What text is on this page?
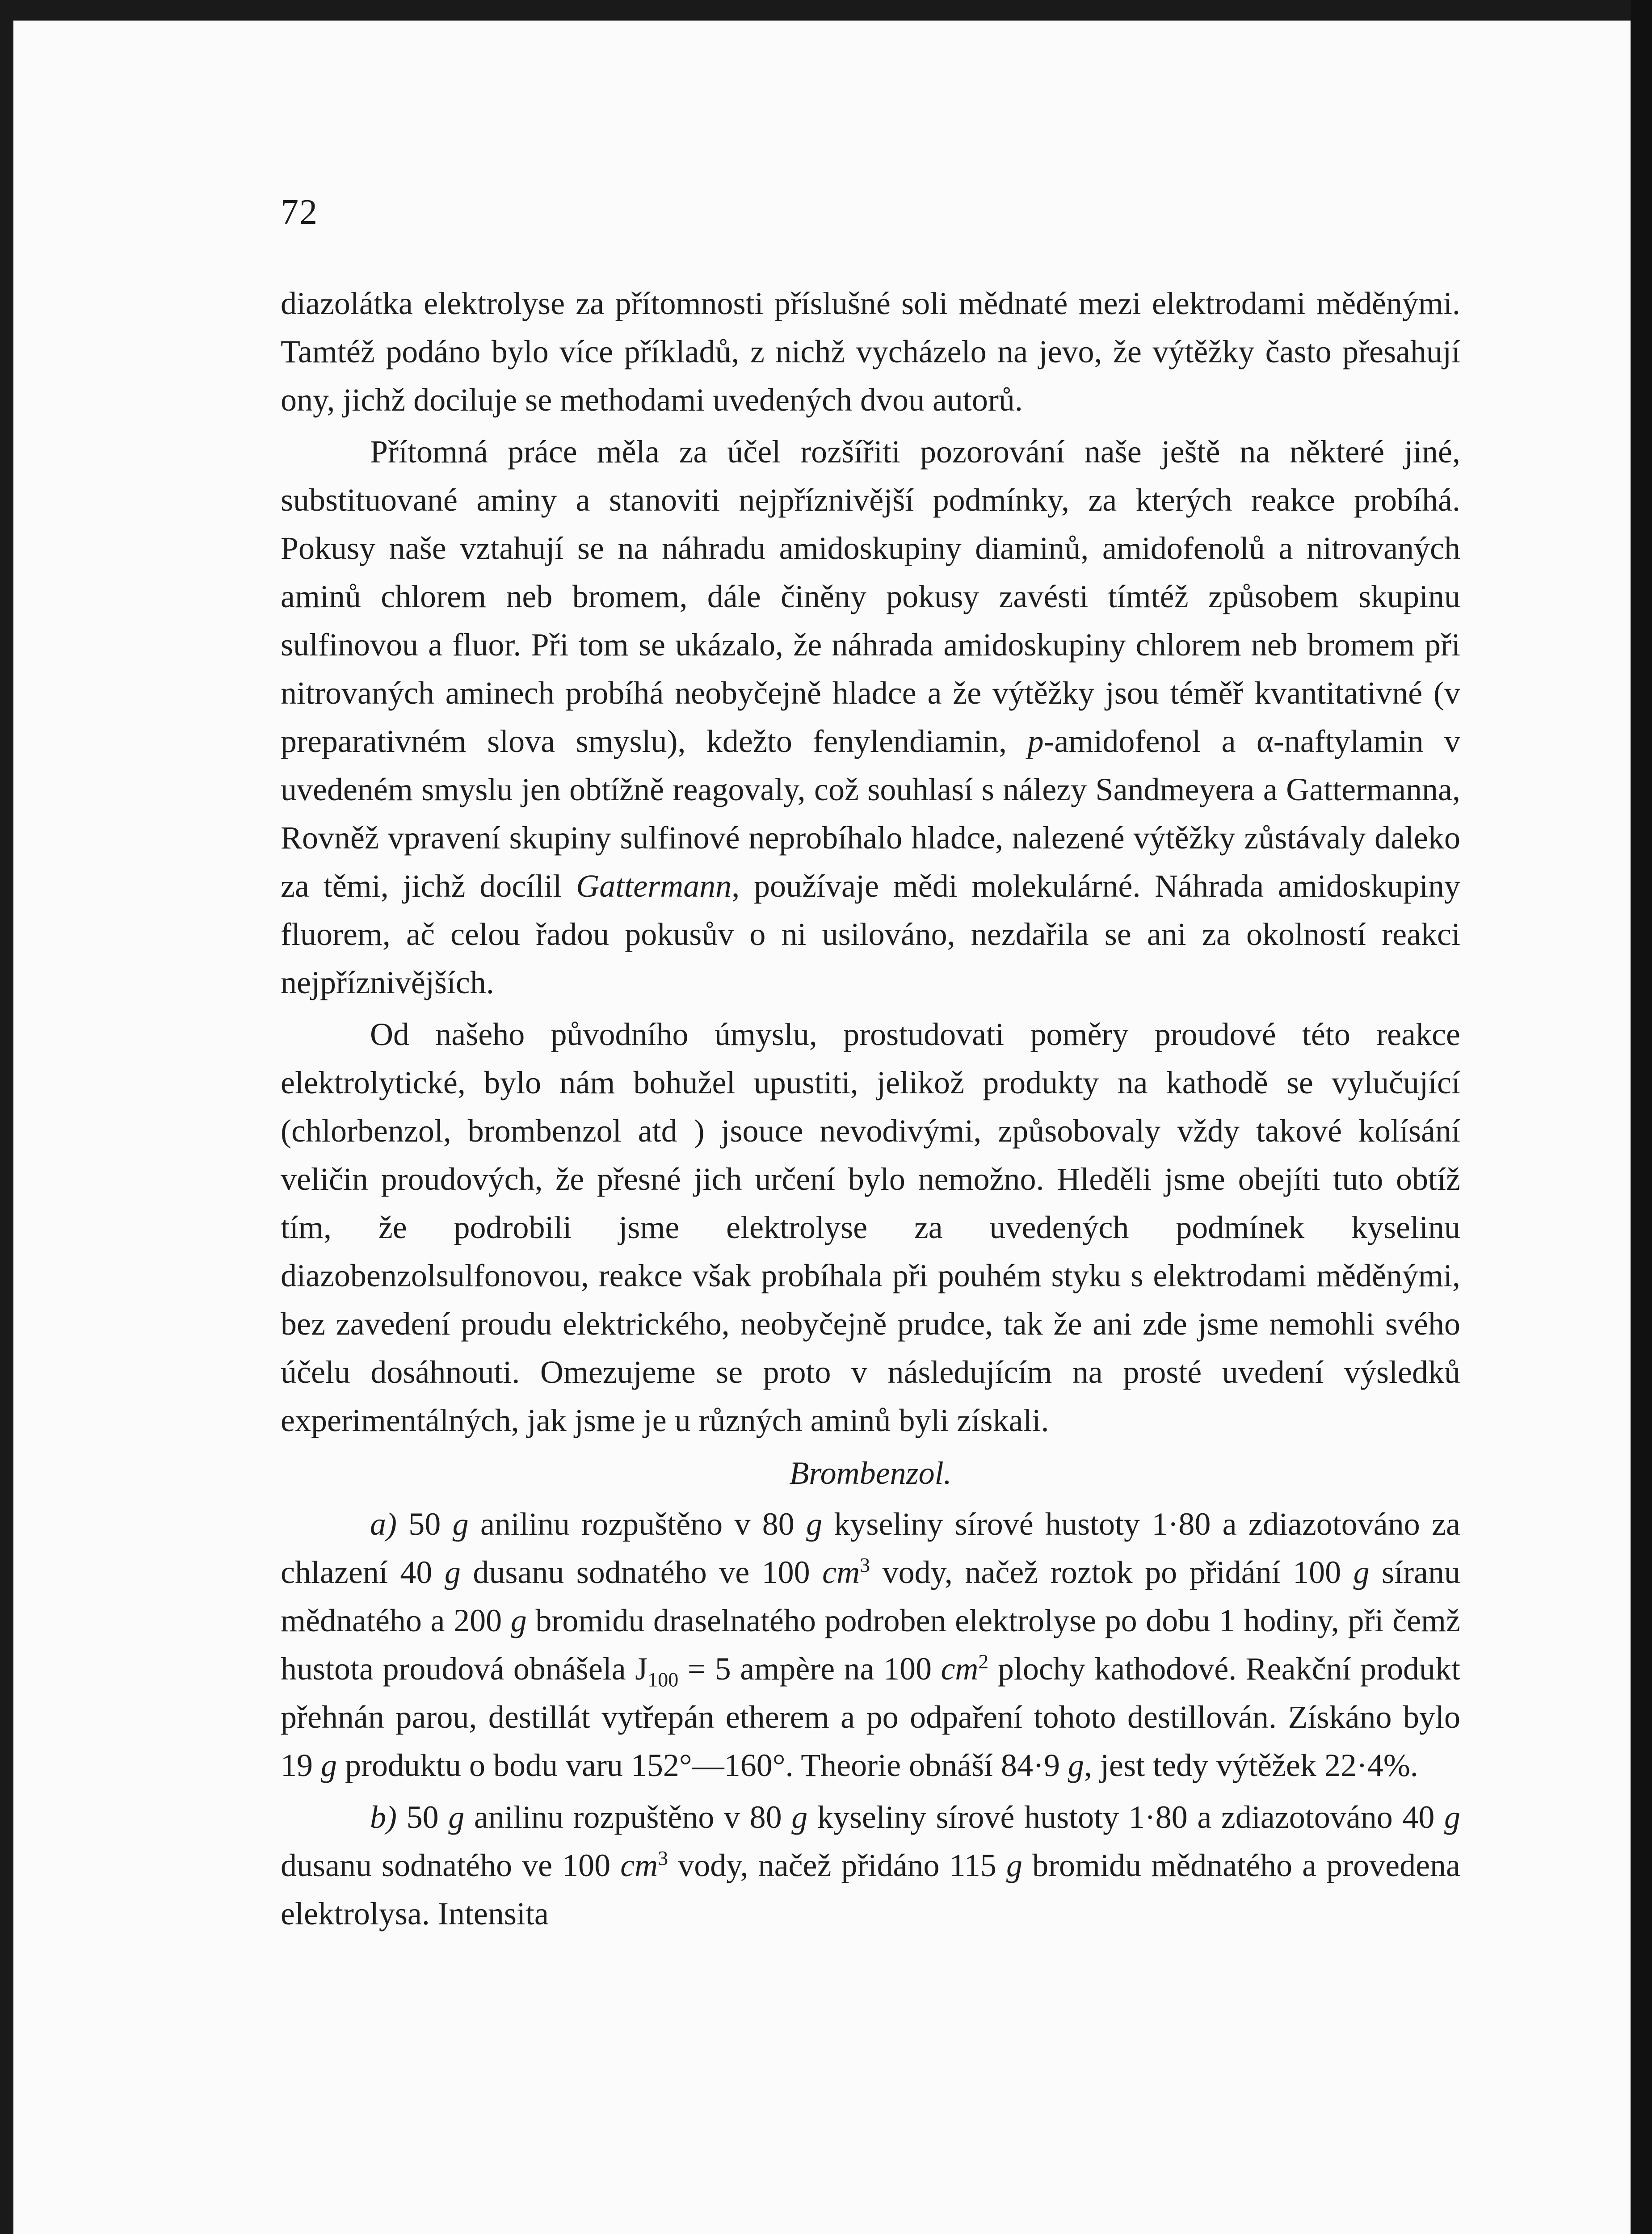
72

diazolátka elektrolyse za přítomnosti příslušné soli mědnaté mezi elektrodami měděnými. Tamtéž podáno bylo více příkladů, z nichž vycházelo na jevo, že výtěžky často přesahují ony, jichž dociluje se methodami uvedených dvou autorů.

Přítomná práce měla za účel rozšířiti pozorování naše ještě na některé jiné, substituované aminy a stanoviti nejpříznivější podmínky, za kterých reakce probíhá. Pokusy naše vztahují se na náhradu amidoskupiny diaminů, amidofenolů a nitrovaných aminů chlorem neb bromem, dále činěny pokusy zavésti tímtéž způsobem skupinu sulfinovou a fluor. Při tom se ukázalo, že náhrada amidoskupiny chlorem neb bromem při nitrovaných aminech probíhá neobyčejně hladce a že výtěžky jsou téměř kvantitativné (v preparativném slova smyslu), kdežto fenylendiamin, p-amidofenol a α-naftylamin v uvedeném smyslu jen obtížně reagovaly, což souhlasí s nálezy Sandmeyera a Gattermanna, Rovněž vpravení skupiny sulfinové neprobíhalo hladce, nalezené výtěžky zůstávaly daleko za těmi, jichž docílil Gattermann, používaje mědi molekulárné. Náhrada amidoskupiny fluorem, ač celou řadou pokusův o ni usilováno, nezdařila se ani za okolností reakci nejpříznivějších.

Od našeho původního úmyslu, prostudovati poměry proudové této reakce elektrolytické, bylo nám bohužel upustiti, jelikož produkty na kathodě se vylučující (chlorbenzol, brombenzol atd ) jsouce nevodivými, způsobovaly vždy takové kolísání veličin proudových, že přesné jich určení bylo nemožno. Hleděli jsme obejíti tuto obtíž tím, že podrobili jsme elektrolyse za uvedených podmínek kyselinu diazobenzolsulfonovou, reakce však probíhala při pouhém styku s elektrodami měděnými, bez zavedení proudu elektrického, neobyčejně prudce, tak že ani zde jsme nemohli svého účelu dosáhnouti. Omezujeme se proto v následujícím na prosté uvedení výsledků experimentálných, jak jsme je u různých aminů byli získali.

Brombenzol.

a) 50 g anilinu rozpuštěno v 80 g kyseliny sírové hustoty 1·80 a zdiazotováno za chlazení 40 g dusanu sodnatého ve 100 $cm^3$ vody, načež roztok po přidání 100 g síranu mědnatého a 200 g bromidu draselnatého podroben elektrolyse po dobu 1 hodiny, při čemž hustota proudová obnášela $J_{100} = 5$ ampère na 100 $cm^2$ plochy kathodové. Reakční produkt přehnán parou, destillát vytřepán etherem a po odpaření tohoto destillován. Získáno bylo 19 g produktu o bodu varu 152°—160°. Theorie obnáší 84·9 g, jest tedy výtěžek 22·4%.

b) 50 g anilinu rozpuštěno v 80 g kyseliny sírové hustoty 1·80 a zdiazotováno 40 g dusanu sodnatého ve 100 $cm^3$ vody, načež přidáno 115 g bromidu mědnatého a provedena elektrolysa. Intensita
